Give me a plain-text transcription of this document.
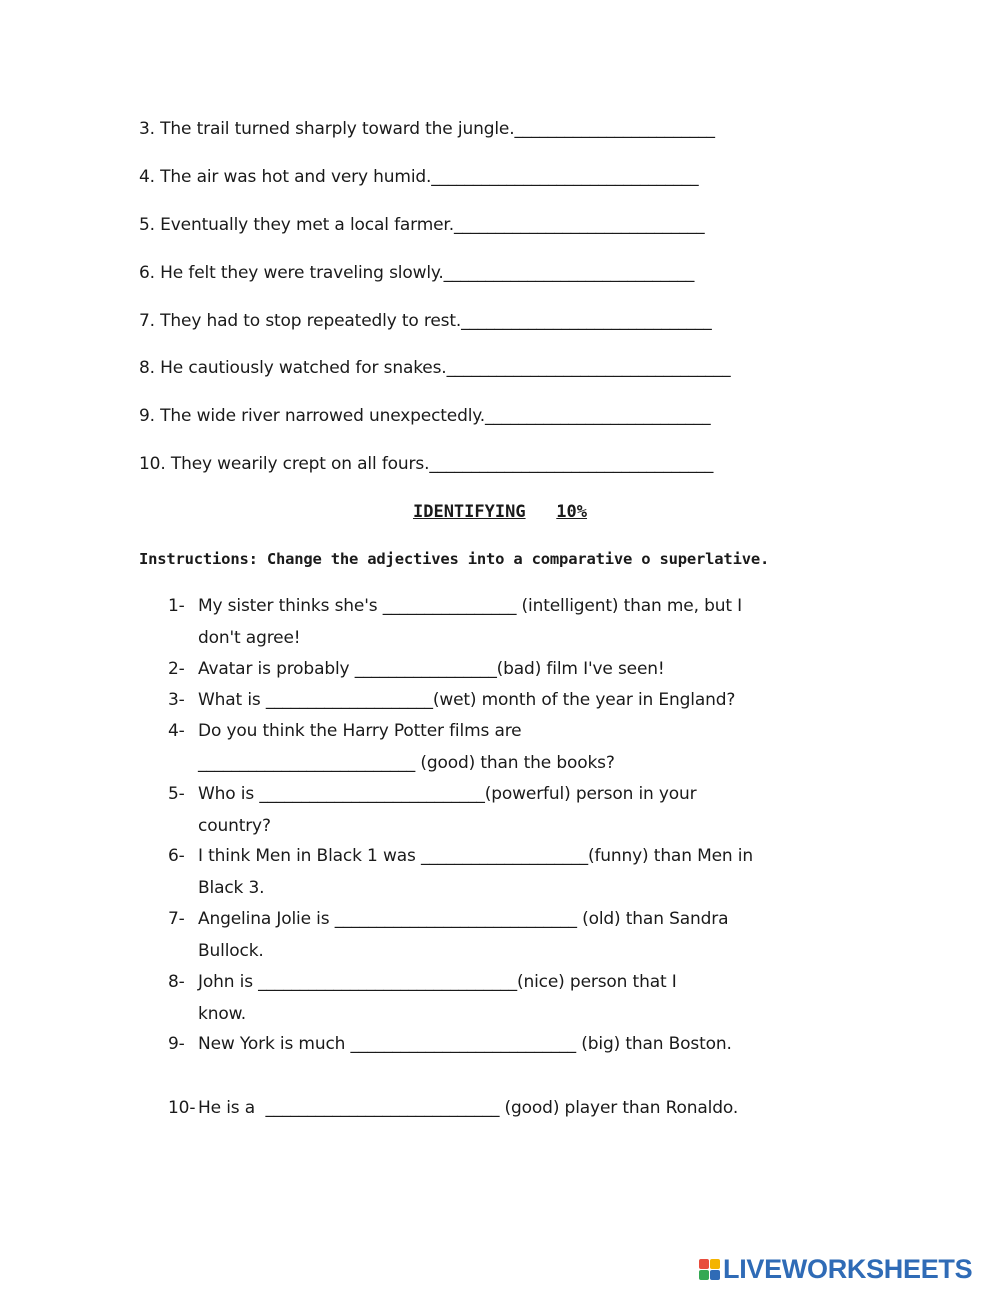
3. The trail turned sharply toward the jungle.________________________
4. The air was hot and very humid.________________________________
5. Eventually they met a local farmer.______________________________
6. He felt they were traveling slowly.______________________________
7. They had to stop repeatedly to rest.______________________________
8. He cautiously watched for snakes.__________________________________
9. The wide river narrowed unexpectedly.___________________________
10. They wearily crept on all fours.__________________________________
IDENTIFYING 10%
Instructions: Change the adjectives into a comparative o superlative.
1- My sister thinks she's ________________ (intelligent) than me, but I
don't agree!
2- Avatar is probably _________________(bad) film I've seen!
3- What is ____________________(wet) month of the year in England?
4- Do you think the Harry Potter films are
__________________________ (good) than the books?
5- Who is ___________________________(powerful) person in your
country?
6- I think Men in Black 1 was ____________________(funny) than Men in
Black 3.
7- Angelina Jolie is _____________________________ (old) than Sandra
Bullock.
8- John is _______________________________(nice) person that I
know.
9- New York is much ___________________________ (big) than Boston.
10- He is a  ____________________________ (good) player than Ronaldo.
LIVEWORKSHEETS
